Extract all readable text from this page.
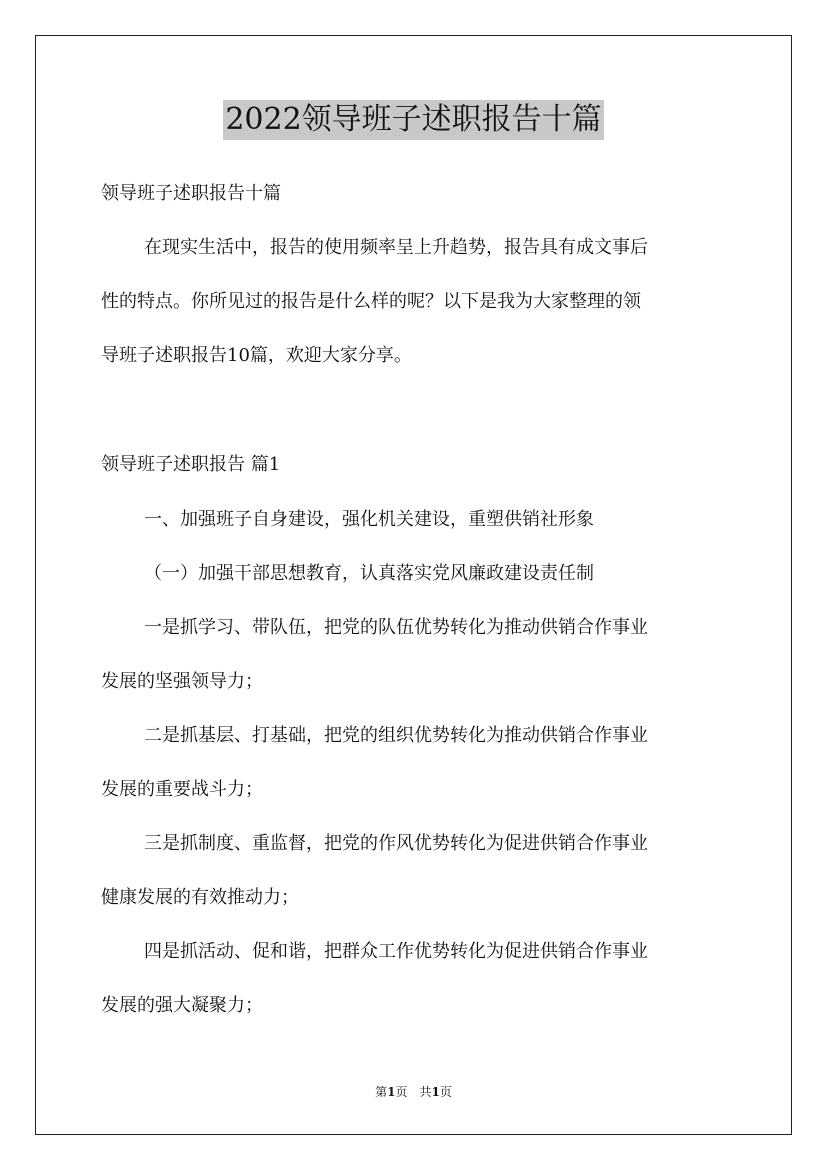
2022领导班子述职报告十篇
领导班子述职报告十篇
在现实生活中，报告的使用频率呈上升趋势，报告具有成文事后
性的特点。你所见过的报告是什么样的呢？以下是我为大家整理的领
导班子述职报告10篇，欢迎大家分享。
领导班子述职报告 篇1
一、加强班子自身建设，强化机关建设，重塑供销社形象
（一）加强干部思想教育，认真落实党风廉政建设责任制
一是抓学习、带队伍，把党的队伍优势转化为推动供销合作事业
发展的坚强领导力；
二是抓基层、打基础，把党的组织优势转化为推动供销合作事业
发展的重要战斗力；
三是抓制度、重监督，把党的作风优势转化为促进供销合作事业
健康发展的有效推动力；
四是抓活动、促和谐，把群众工作优势转化为促进供销合作事业
发展的强大凝聚力；
第1页　共1页
